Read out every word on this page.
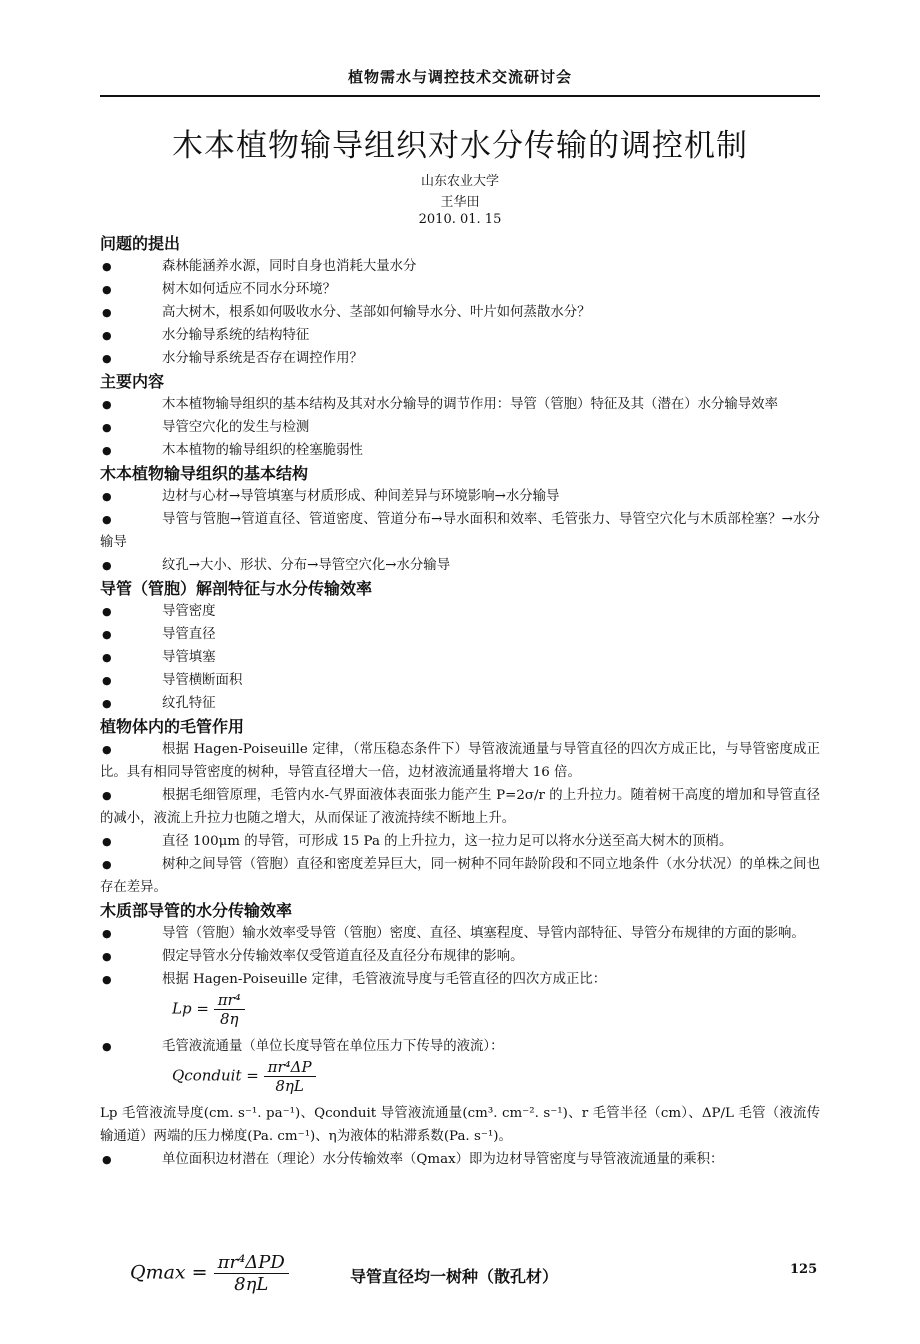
植物需水与调控技术交流研讨会
木本植物输导组织对水分传输的调控机制
山东农业大学
王华田
2010. 01. 15

问题的提出

● 森林能涵养水源，同时自身也消耗大量水分

● 树木如何适应不同水分环境？

● 高大树木，根系如何吸收水分、茎部如何输导水分、叶片如何蒸散水分？

● 水分输导系统的结构特征

● 水分输导系统是否存在调控作用？

主要内容

●	木本植物输导组织的基本结构及其对水分输导的调节作用：导管（管胞）特征及其（潜在）水分输导效率

● 导管空穴化的发生与检测

● 木本植物的输导组织的栓塞脆弱性

木本植物输导组织的基本结构

● 边材与心材→导管填塞与材质形成、种间差异与环境影响→水分输导

●	导管与管胞→管道直径、管道密度、管道分布→导水面积和效率、毛管张力、导管空穴化与木质部栓塞？→水分输导

● 纹孔→大小、形状、分布→导管空穴化→水分输导

导管（管胞）解剖特征与水分传输效率

● 导管密度

● 导管直径

● 导管填塞

● 导管横断面积

● 纹孔特征

植物体内的毛管作用

●	根据 Hagen-Poiseuille 定律，（常压稳态条件下）导管液流通量与导管直径的四次方成正比，与导管密度成正比。具有相同导管密度的树种，导管直径增大一倍，边材液流通量将增大 16 倍。

●	根据毛细管原理，毛管内水-气界面液体表面张力能产生 P=2σ/r 的上升拉力。随着树干高度的增加和导管直径的减小，液流上升拉力也随之增大，从而保证了液流持续不断地上升。

●	直径 100μm 的导管，可形成 15 Pa 的上升拉力，这一拉力足可以将水分送至高大树木的顶梢。

●	树种之间导管（管胞）直径和密度差异巨大，同一树种不同年龄阶段和不同立地条件（水分状况）的单株之间也存在差异。

木质部导管的水分传输效率

●	导管（管胞）输水效率受导管（管胞）密度、直径、填塞程度、导管内部特征、导管分布规律的方面的影响。

● 假定导管水分传输效率仅受管道直径及直径分布规律的影响。

● 根据 Hagen-Poiseuille 定律，毛管液流导度与毛管直径的四次方成正比：

$Lp = \frac{\text{πr⁴}}{8\eta}$

● 毛管液流通量（单位长度导管在单位压力下传导的液流）：

Qconduit = $\frac{\text{πr⁴ΔP}}{8\eta L}$

Lp 毛管液流导度(cm. s⁻¹. pa⁻¹)、Qconduit 导管液流通量(cm³. cm⁻². s⁻¹)、r 毛管半径（cm）、ΔP/L 毛管（液流传输通道）两端的压力梯度(Pa. cm⁻¹)、η为液体的粘滞系数(Pa. s⁻¹)。

●	单位面积边材潜在（理论）水分传输效率（Qmax）即为边材导管密度与导管液流通量的乘积：

$Qmax = \frac{\text{πr⁴ΔPD}}{8\eta L}$	导管直径均一树种（散孔材）	125
